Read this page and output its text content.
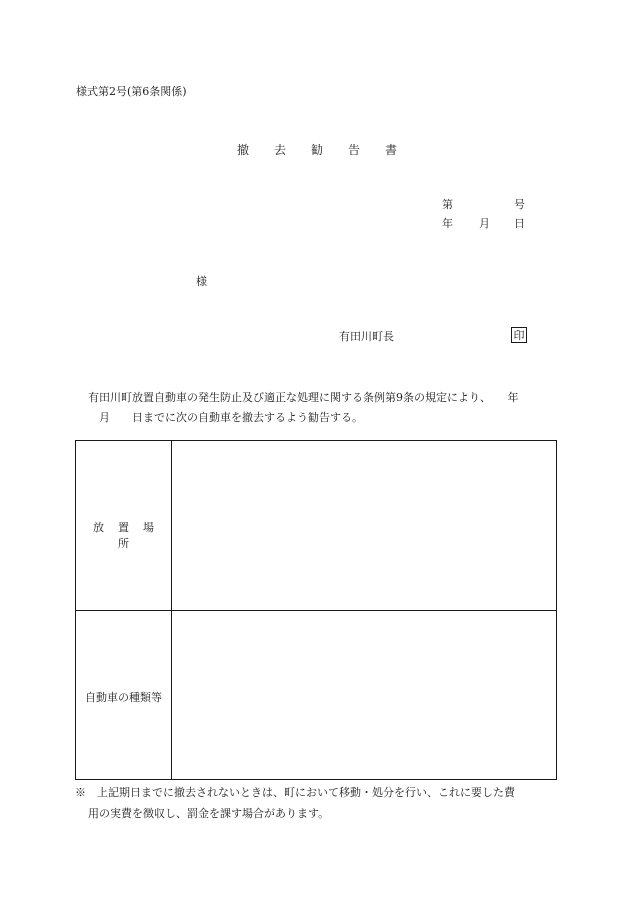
様式第2号(第6条関係)
撤 去 勧 告 書
第	号
年 月 日
様
有田川町長	印
有田川町放置自動車の発生防止及び適正な処理に関する条例第9条の規定により、　　年
月　　日までに次の自動車を撤去するよう勧告する。
放 置 場所
自動車の種類等
※　上記期日までに撤去されないときは、町において移動・処分を行い、これに要した費
用の実費を徴収し、罰金を課す場合があります。
